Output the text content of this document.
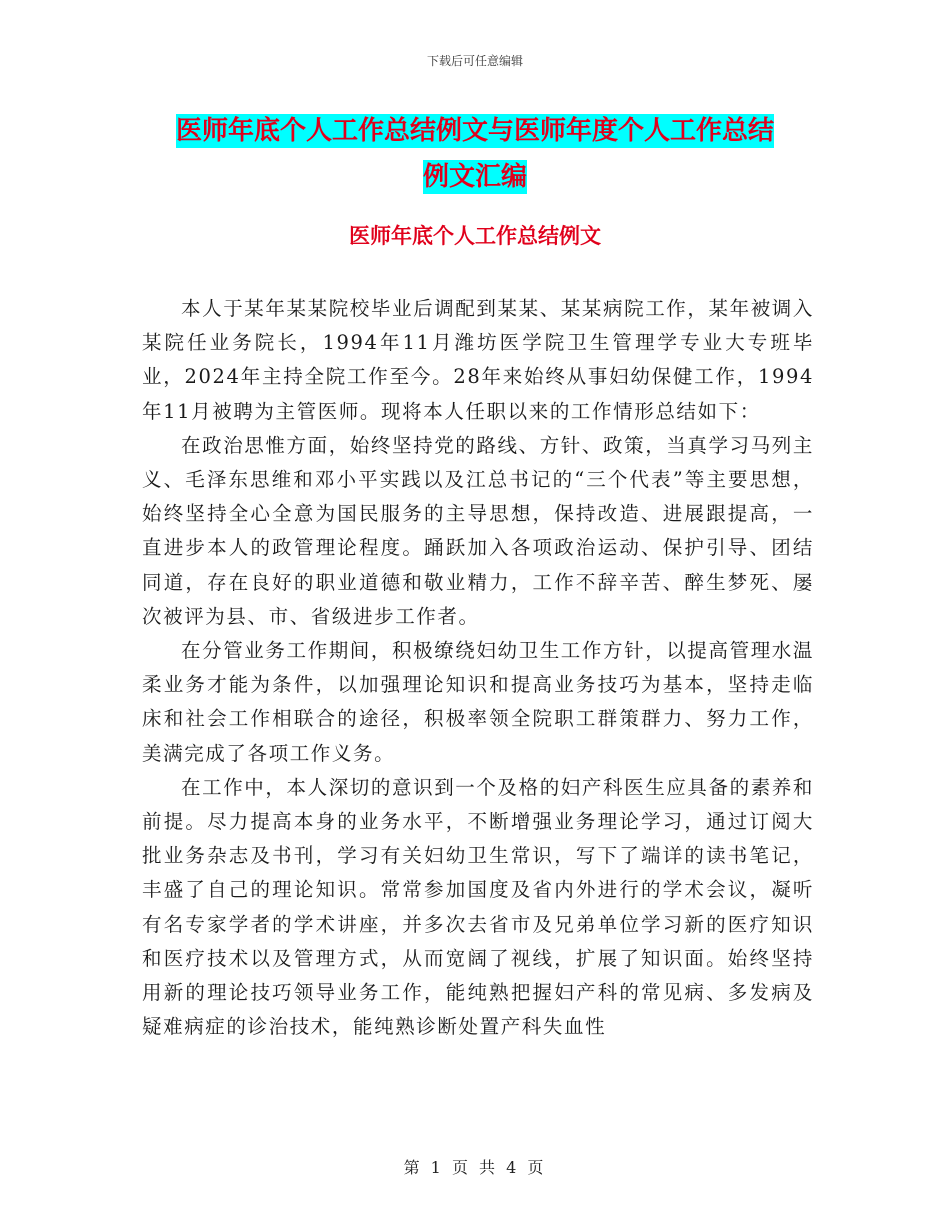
下载后可任意编辑
医师年底个人工作总结例文与医师年度个人工作总结
例文汇编
医师年底个人工作总结例文

本人于某年某某院校毕业后调配到某某、某某病院工作，某年被调入某院任业务院长，1994年11月潍坊医学院卫生管理学专业大专班毕业，2024年主持全院工作至今。28年来始终从事妇幼保健工作，1994年11月被聘为主管医师。现将本人任职以来的工作情形总结如下：

在政治思惟方面，始终坚持党的路线、方针、政策，当真学习马列主义、毛泽东思维和邓小平实践以及江总书记的“三个代表”等主要思想，始终坚持全心全意为国民服务的主导思想，保持改造、进展跟提高，一直进步本人的政管理论程度。踊跃加入各项政治运动、保护引导、团结同道，存在良好的职业道德和敬业精力，工作不辞辛苦、醉生梦死、屡次被评为县、市、省级进步工作者。

在分管业务工作期间，积极缭绕妇幼卫生工作方针，以提高管理水温柔业务才能为条件，以加强理论知识和提高业务技巧为基本，坚持走临床和社会工作相联合的途径，积极率领全院职工群策群力、努力工作，美满完成了各项工作义务。

在工作中，本人深切的意识到一个及格的妇产科医生应具备的素养和前提。尽力提高本身的业务水平，不断增强业务理论学习，通过订阅大批业务杂志及书刊，学习有关妇幼卫生常识，写下了端详的读书笔记，丰盛了自己的理论知识。常常参加国度及省内外进行的学术会议，凝听有名专家学者的学术讲座，并多次去省市及兄弟单位学习新的医疗知识和医疗技术以及管理方式，从而宽阔了视线，扩展了知识面。始终坚持用新的理论技巧领导业务工作，能纯熟把握妇产科的常见病、多发病及疑难病症的诊治技术，能纯熟诊断处置产科失血性

第 1 页 共 4 页
